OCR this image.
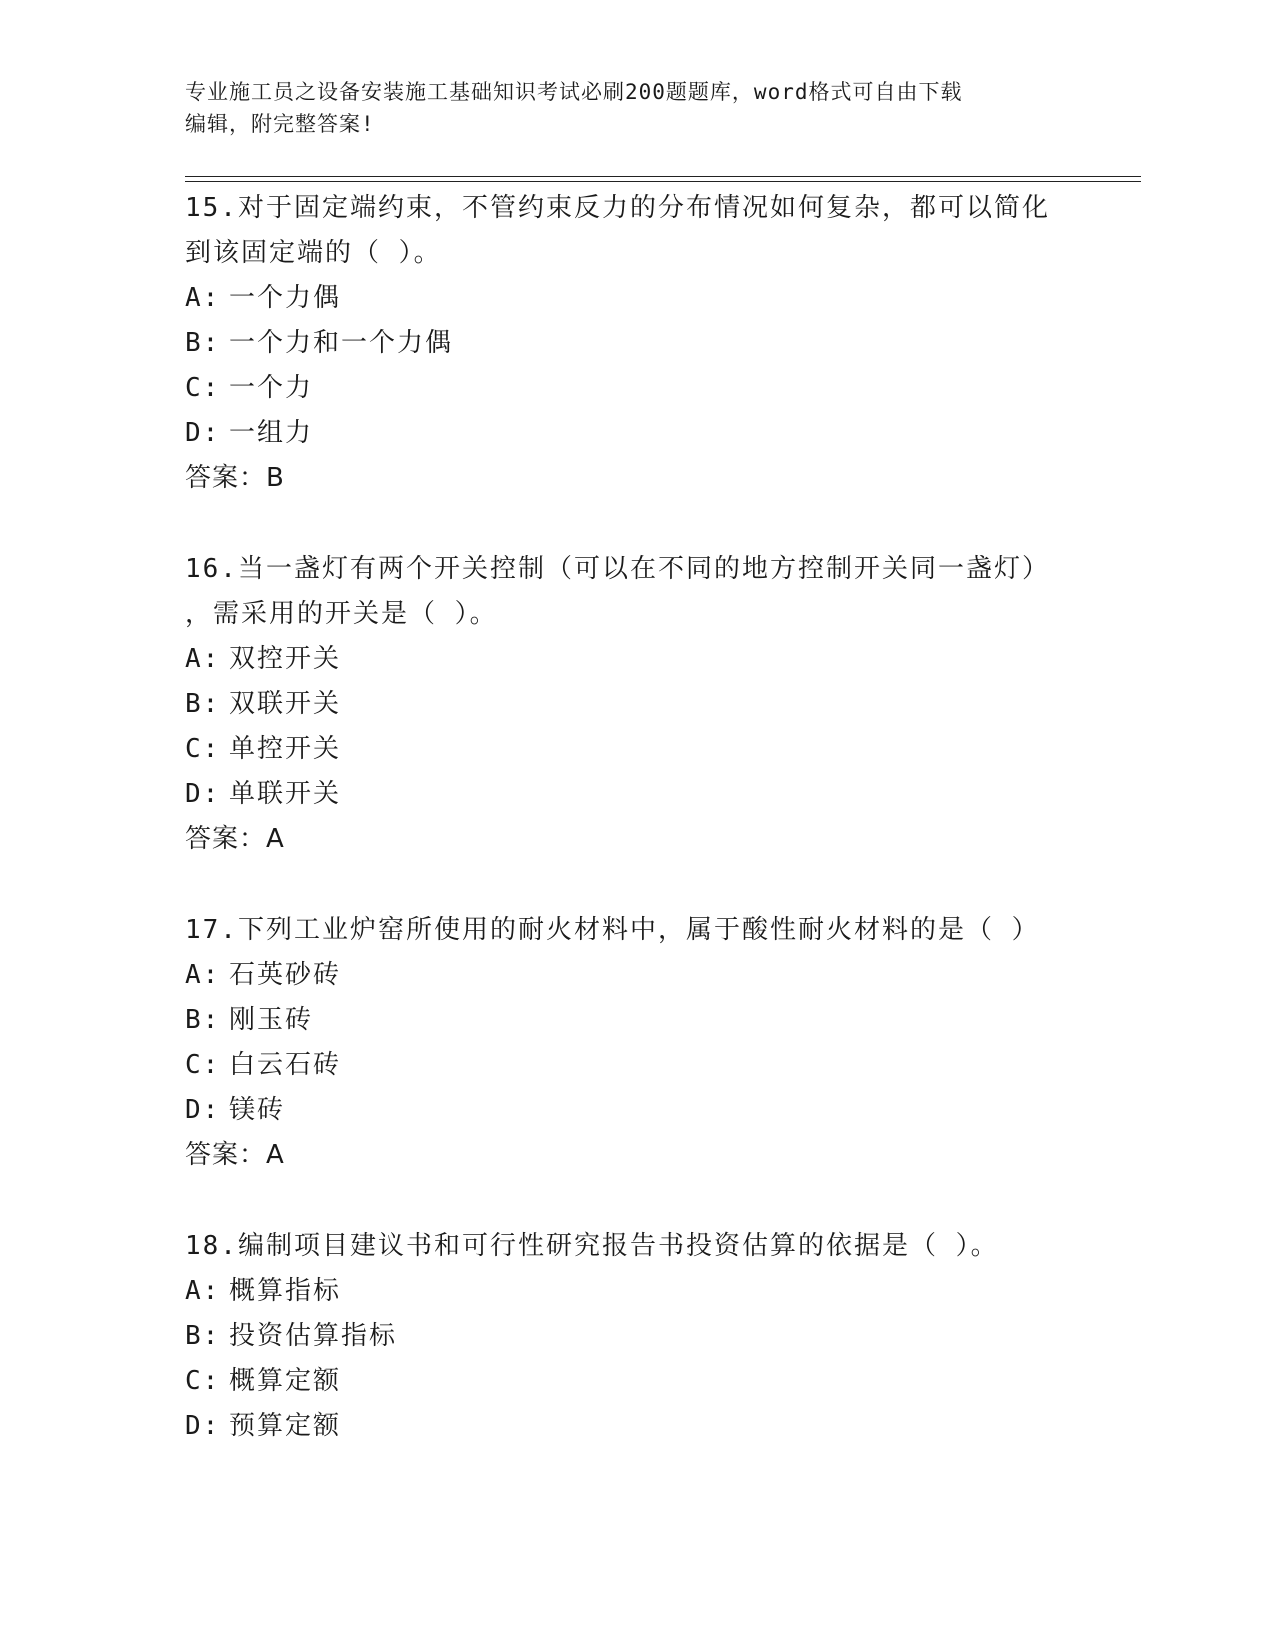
专业施工员之设备安装施工基础知识考试必刷200题题库，word格式可自由下载
编辑，附完整答案!
15.对于固定端约束，不管约束反力的分布情况如何复杂，都可以简化
到该固定端的（ ）。
A: 一个力偶
B: 一个力和一个力偶
C: 一个力
D: 一组力
答案：B
16.当一盏灯有两个开关控制（可以在不同的地方控制开关同一盏灯）
，需采用的开关是（ ）。
A: 双控开关
B: 双联开关
C: 单控开关
D: 单联开关
答案：A
17.下列工业炉窑所使用的耐火材料中，属于酸性耐火材料的是（ ）
A: 石英砂砖
B: 刚玉砖
C: 白云石砖
D: 镁砖
答案：A
18.编制项目建议书和可行性研究报告书投资估算的依据是（ ）。
A: 概算指标
B: 投资估算指标
C: 概算定额
D: 预算定额
